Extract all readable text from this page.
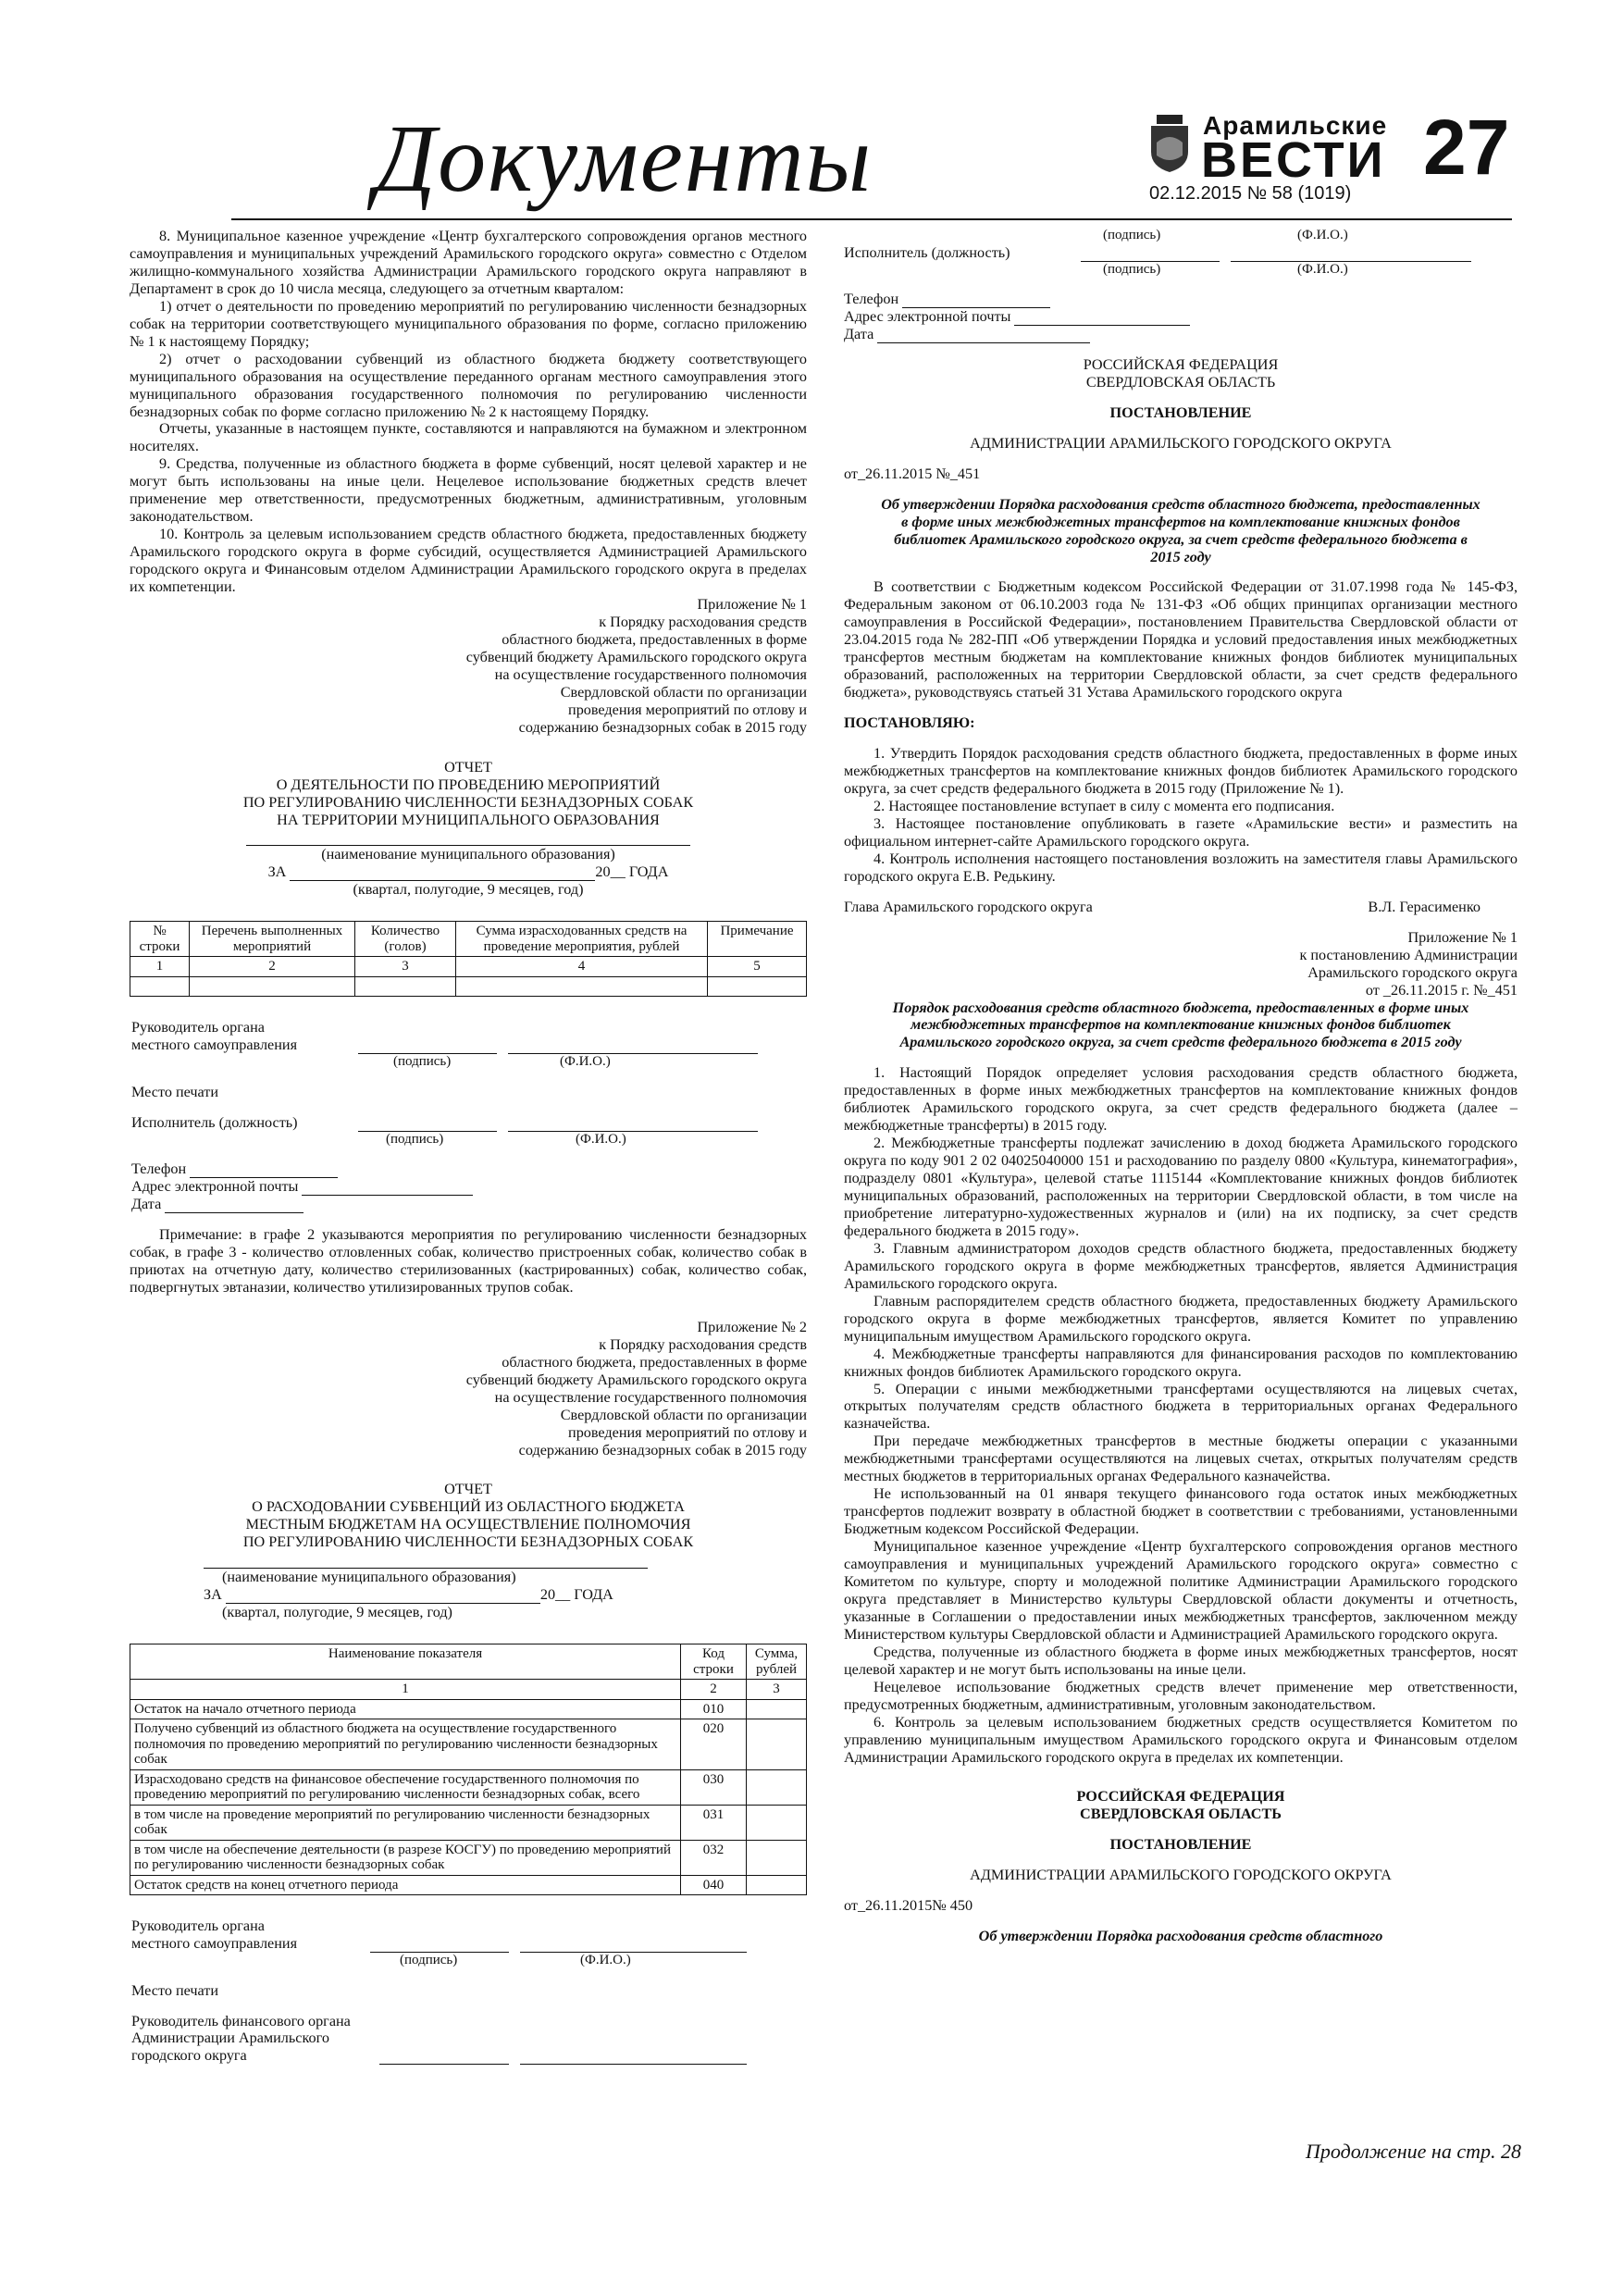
Документы	Арамильские
ВЕСТИ
02.12.2015 № 58 (1019)
27

8. Муниципальное казенное учреждение «Центр бухгалтерского сопровождения органов местного самоуправления и муниципальных учреждений Арамильского городского округа» совместно с Отделом жилищно-коммунального хозяйства Администрации Арамильского городского округа направляют в Департамент в срок до 10 числа месяца, следующего за отчетным кварталом:

1) отчет о деятельности по проведению мероприятий по регулированию численности безнадзорных собак на территории соответствующего муниципального образования по форме, согласно приложению № 1 к настоящему Порядку;

2) отчет о расходовании субвенций из областного бюджета бюджету соответствующего муниципального образования на осуществление переданного органам местного самоуправления этого муниципального образования государственного полномочия по регулированию численности безнадзорных собак по форме согласно приложению № 2 к настоящему Порядку.

Отчеты, указанные в настоящем пункте, составляются и направляются на бумажном и электронном носителях.

9. Средства, полученные из областного бюджета в форме субвенций, носят целевой характер и не могут быть использованы на иные цели. Нецелевое использование бюджетных средств влечет применение мер ответственности, предусмотренных бюджетным, административным, уголовным законодательством.

10. Контроль за целевым использованием средств областного бюджета, предоставленных бюджету Арамильского городского округа в форме субсидий, осуществляется Администрацией Арамильского городского округа и Финансовым отделом Администрации Арамильского городского округа в пределах их компетенции.

Приложение № 1
к Порядку расходования средств
областного бюджета, предоставленных в форме
субвенций бюджету Арамильского городского округа
на осуществление государственного полномочия
Свердловской области по организации
проведения мероприятий по отлову и
содержанию безнадзорных собак в 2015 году
ОТЧЕТ
О ДЕЯТЕЛЬНОСТИ ПО ПРОВЕДЕНИЮ МЕРОПРИЯТИЙ
ПО РЕГУЛИРОВАНИЮ ЧИСЛЕННОСТИ БЕЗНАДЗОРНЫХ СОБАК
НА ТЕРРИТОРИИ МУНИЦИПАЛЬНОГО ОБРАЗОВАНИЯ
(наименование муниципального образования)
ЗА	20__ ГОДА
(квартал, полугодие, 9 месяцев, год)
№ строки	Перечень выполненных мероприятий	Количество (голов)	Сумма израсходованных средств на проведение мероприятия, рублей	Примечание
1	2	3	4	5

Руководитель органа
местного самоуправления
(подпись)	(Ф.И.О.)
Место печати
Исполнитель (должность)
(подпись)	(Ф.И.О.)
Телефон
Адрес электронной почты
Дата

Примечание: в графе 2 указываются мероприятия по регулированию численности безнадзорных собак, в графе 3 - количество отловленных собак, количество пристроенных собак, количество собак в приютах на отчетную дату, количество стерилизованных (кастрированных) собак, количество собак, подвергнутых эвтаназии, количество утилизированных трупов собак.

Приложение № 2
к Порядку расходования средств
областного бюджета, предоставленных в форме
субвенций бюджету Арамильского городского округа
на осуществление государственного полномочия
Свердловской области по организации
проведения мероприятий по отлову и
содержанию безнадзорных собак в 2015 году
ОТЧЕТ
О РАСХОДОВАНИИ СУБВЕНЦИЙ ИЗ ОБЛАСТНОГО БЮДЖЕТА
МЕСТНЫМ БЮДЖЕТАМ НА ОСУЩЕСТВЛЕНИЕ ПОЛНОМОЧИЯ
ПО РЕГУЛИРОВАНИЮ ЧИСЛЕННОСТИ БЕЗНАДЗОРНЫХ СОБАК
(наименование муниципального образования)
ЗА	20__ ГОДА
(квартал, полугодие, 9 месяцев, год)
Наименование показателя	Код строки	Сумма, рублей
1	2	3
Остаток на начало отчетного периода	010	
Получено субвенций из областного бюджета на осуществление государственного полномочия по проведению мероприятий по регулированию численности безнадзорных собак	020	
Израсходовано средств на финансовое обеспечение государственного полномочия по проведению мероприятий по регулированию численности безнадзорных собак, всего	030	
в том числе на проведение мероприятий по регулированию численности безнадзорных собак	031	
в том числе на обеспечение деятельности (в разрезе КОСГУ) по проведению мероприятий по регулированию численности безнадзорных собак	032	
Остаток средств на конец отчетного периода	040	
Руководитель органа
местного самоуправления
(подпись)	(Ф.И.О.)
Место печати
Руководитель финансового органа
Администрации Арамильского
городского округа
(подпись)	(Ф.И.О.)
Исполнитель (должность)
(подпись)	(Ф.И.О.)
Телефон
Адрес электронной почты
Дата
РОССИЙСКАЯ ФЕДЕРАЦИЯ
СВЕРДЛОВСКАЯ ОБЛАСТЬ
ПОСТАНОВЛЕНИЕ
АДМИНИСТРАЦИИ АРАМИЛЬСКОГО ГОРОДСКОГО ОКРУГА
от_26.11.2015 №_451

Об утверждении Порядка расходования средств областного бюджета, предоставленных в форме иных межбюджетных трансфертов на комплектование книжных фондов библиотек Арамильского городского округа, за счет средств федерального бюджета в 2015 году

В соответствии с Бюджетным кодексом Российской Федерации от 31.07.1998 года № 145-ФЗ, Федеральным законом от 06.10.2003 года № 131-ФЗ «Об общих принципах организации местного самоуправления в Российской Федерации», постановлением Правительства Свердловской области от 23.04.2015 года № 282-ПП «Об утверждении Порядка и условий предоставления иных межбюджетных трансфертов местным бюджетам на комплектование книжных фондов библиотек муниципальных образований, расположенных на территории Свердловской области, за счет средств федерального бюджета», руководствуясь статьей 31 Устава Арамильского городского округа

ПОСТАНОВЛЯЮ:

1. Утвердить Порядок расходования средств областного бюджета, предоставленных в форме иных межбюджетных трансфертов на комплектование книжных фондов библиотек Арамильского городского округа, за счет средств федерального бюджета в 2015 году (Приложение № 1).

2. Настоящее постановление вступает в силу с момента его подписания.

3. Настоящее постановление опубликовать в газете «Арамильские вести» и разместить на официальном интернет-сайте Арамильского городского округа.

4. Контроль исполнения настоящего постановления возложить на заместителя главы Арамильского городского округа Е.В. Редькину.

Глава Арамильского городского округа	В.Л. Герасименко
Приложение № 1
к постановлению Администрации
Арамильского городского округа
от _26.11.2015 г. №_451

Порядок расходования средств областного бюджета, предоставленных в форме иных межбюджетных трансфертов на комплектование книжных фондов библиотек Арамильского городского округа, за счет средств федерального бюджета в 2015 году

1. Настоящий Порядок определяет условия расходования средств областного бюджета, предоставленных в форме иных межбюджетных трансфертов на комплектование книжных фондов библиотек Арамильского городского округа, за счет средств федерального бюджета (далее – межбюджетные трансферты) в 2015 году.

2. Межбюджетные трансферты подлежат зачислению в доход бюджета Арамильского городского округа по коду 901 2 02 04025040000 151 и расходованию по разделу 0800 «Культура, кинематография», подразделу 0801 «Культура», целевой статье 1115144 «Комплектование книжных фондов библиотек муниципальных образований, расположенных на территории Свердловской области, в том числе на приобретение литературно-художественных журналов и (или) на их подписку, за счет средств федерального бюджета в 2015 году».

3. Главным администратором доходов средств областного бюджета, предоставленных бюджету Арамильского городского округа в форме межбюджетных трансфертов, является Администрация Арамильского городского округа.

Главным распорядителем средств областного бюджета, предоставленных бюджету Арамильского городского округа в форме межбюджетных трансфертов, является Комитет по управлению муниципальным имуществом Арамильского городского округа.

4. Межбюджетные трансферты направляются для финансирования расходов по комплектованию книжных фондов библиотек Арамильского городского округа.

5. Операции с иными межбюджетными трансфертами осуществляются на лицевых счетах, открытых получателям средств областного бюджета в территориальных органах Федерального казначейства.

При передаче межбюджетных трансфертов в местные бюджеты операции с указанными межбюджетными трансфертами осуществляются на лицевых счетах, открытых получателям средств местных бюджетов в территориальных органах Федерального казначейства.

Не использованный на 01 января текущего финансового года остаток иных межбюджетных трансфертов подлежит возврату в областной бюджет в соответствии с требованиями, установленными Бюджетным кодексом Российской Федерации.

Муниципальное казенное учреждение «Центр бухгалтерского сопровождения органов местного самоуправления и муниципальных учреждений Арамильского городского округа» совместно с Комитетом по культуре, спорту и молодежной политике Администрации Арамильского городского округа представляет в Министерство культуры Свердловской области документы и отчетность, указанные в Соглашении о предоставлении иных межбюджетных трансфертов, заключенном между Министерством культуры Свердловской области и Администрацией Арамильского городского округа.

Средства, полученные из областного бюджета в форме иных межбюджетных трансфертов, носят целевой характер и не могут быть использованы на иные цели.

Нецелевое использование бюджетных средств влечет применение мер ответственности, предусмотренных бюджетным, административным, уголовным законодательством.

6. Контроль за целевым использованием бюджетных средств осуществляется Комитетом по управлению муниципальным имуществом Арамильского городского округа и Финансовым отделом Администрации Арамильского городского округа в пределах их компетенции.

РОССИЙСКАЯ ФЕДЕРАЦИЯ
СВЕРДЛОВСКАЯ ОБЛАСТЬ
ПОСТАНОВЛЕНИЕ
АДМИНИСТРАЦИИ АРАМИЛЬСКОГО ГОРОДСКОГО ОКРУГА
от_26.11.2015№ 450

Об утверждении Порядка расходования средств областного

Продолжение на стр. 28
